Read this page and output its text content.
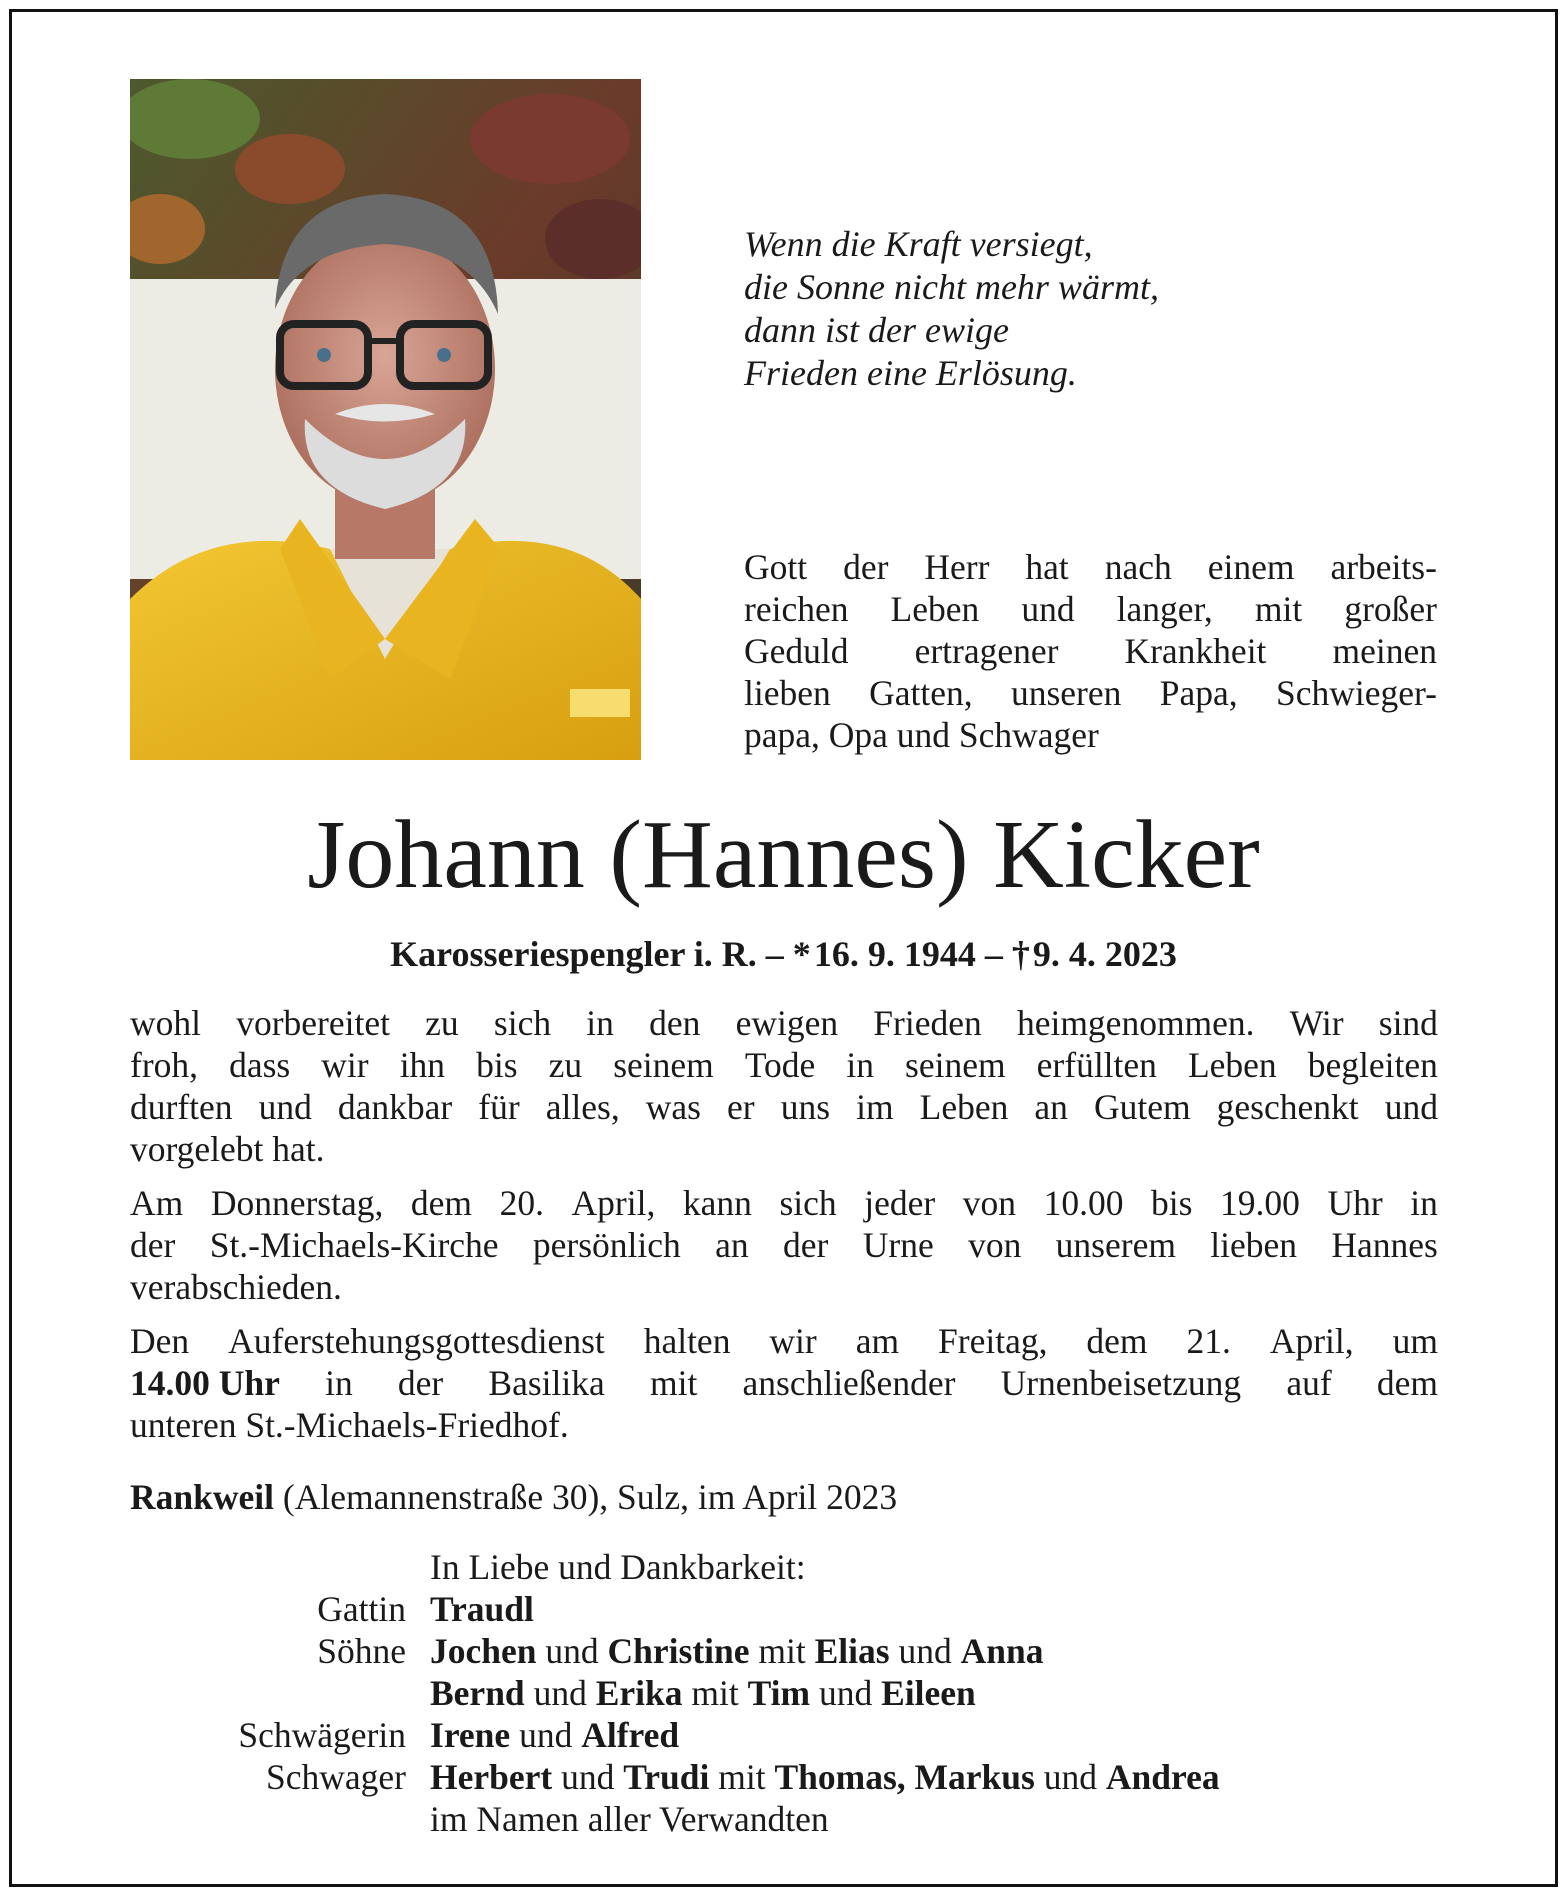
Wenn die Kraft versiegt,
die Sonne nicht mehr wärmt,
dann ist der ewige
Frieden eine Erlösung.
Gott der Herr hat nach einem arbeits-
reichen Leben und langer, mit großer
Geduld ertragener Krankheit meinen
lieben Gatten, unseren Papa, Schwieger-
papa, Opa und Schwager
Johann (Hannes) Kicker
Karosseriespengler i. R. – * 16. 9. 1944 – † 9. 4. 2023
wohl vorbereitet zu sich in den ewigen Frieden heimgenommen. Wir sind
froh, dass wir ihn bis zu seinem Tode in seinem erfüllten Leben begleiten
durften und dankbar für alles, was er uns im Leben an Gutem geschenkt und
vorgelebt hat.
Am Donnerstag, dem 20. April, kann sich jeder von 10.00 bis 19.00 Uhr in
der St.-Michaels-Kirche persönlich an der Urne von unserem lieben Hannes
verabschieden.
Den Auferstehungsgottesdienst halten wir am Freitag, dem 21. April, um
14.00 Uhr in der Basilika mit anschließender Urnenbeisetzung auf dem
unteren St.-Michaels-Friedhof.
Rankweil (Alemannenstraße 30), Sulz, im April 2023
In Liebe und Dankbarkeit:
Gattin Traudl
Söhne Jochen und Christine mit Elias und Anna
Bernd und Erika mit Tim und Eileen
Schwägerin Irene und Alfred
Schwager Herbert und Trudi mit Thomas, Markus und Andrea
im Namen aller Verwandten
